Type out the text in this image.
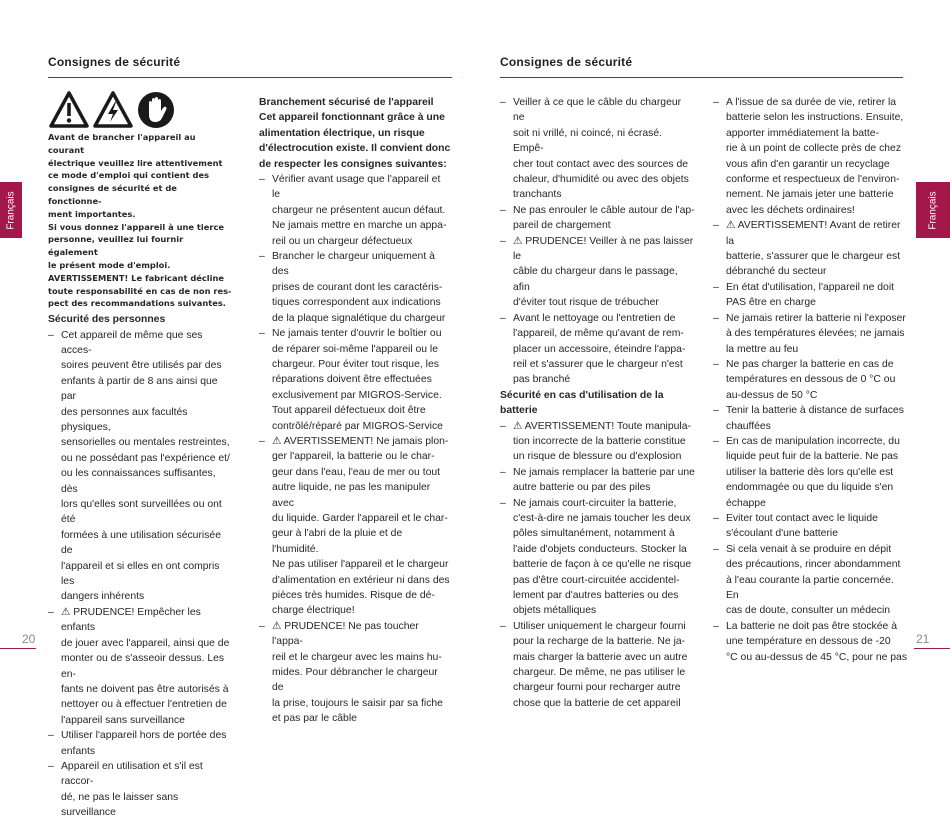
Consignes de sécurité
Français
Avant de brancher l'appareil au courant
électrique veuillez lire attentivement
ce mode d'emploi qui contient des
consignes de sécurité et de fonctionne-
ment importantes.
Si vous donnez l'appareil à une tierce
personne, veuillez lui fournir également
le présent mode d'emploi.
AVERTISSEMENT! Le fabricant décline
toute responsabilité en cas de non res-
pect des recommandations suivantes.

Sécurité des personnes

– Cet appareil de même que ses acces-
soires peuvent être utilisés par des
enfants à partir de 8 ans ainsi que par
des personnes aux facultés physiques,
sensorielles ou mentales restreintes,
ou ne possédant pas l'expérience et/
ou les connaissances suffisantes, dès
lors qu'elles sont surveillées ou ont été
formées à une utilisation sécurisée de
l'appareil et si elles en ont compris les
dangers inhérents
– ⚠ PRUDENCE! Empêcher les enfants
de jouer avec l'appareil, ainsi que de
monter ou de s'asseoir dessus. Les en-
fants ne doivent pas être autorisés à
nettoyer ou à effectuer l'entretien de
l'appareil sans surveillance
– Utiliser l'appareil hors de portée des
enfants
– Appareil en utilisation et s'il est raccor-
dé, ne pas le laisser sans surveillance
Branchement sécurisé de l'appareil
Cet appareil fonctionnant grâce à une
alimentation électrique, un risque
d'électrocution existe. Il convient donc
de respecter les consignes suivantes:
– Vérifier avant usage que l'appareil et le
chargeur ne présentent aucun défaut.
Ne jamais mettre en marche un appa-
reil ou un chargeur défectueux
– Brancher le chargeur uniquement à des
prises de courant dont les caractéris-
tiques correspondent aux indications
de la plaque signalétique du chargeur
– Ne jamais tenter d'ouvrir le boîtier ou
de réparer soi-même l'appareil ou le
chargeur. Pour éviter tout risque, les
réparations doivent être effectuées
exclusivement par MIGROS-Service.
Tout appareil défectueux doit être
contrôlé/réparé par MIGROS-Service
– ⚠ AVERTISSEMENT! Ne jamais plon-
ger l'appareil, la batterie ou le char-
geur dans l'eau, l'eau de mer ou tout
autre liquide, ne pas les manipuler avec
du liquide. Garder l'appareil et le char-
geur à l'abri de la pluie et de l'humidité.
Ne pas utiliser l'appareil et le chargeur
d'alimentation en extérieur ni dans des
pièces très humides. Risque de dé-
charge électrique!
– ⚠ PRUDENCE! Ne pas toucher l'appa-
reil et le chargeur avec les mains hu-
mides. Pour débrancher le chargeur de
la prise, toujours le saisir par sa fiche
et pas par le câble
20
Consignes de sécurité
Français
– Veiller à ce que le câble du chargeur ne
soit ni vrillé, ni coincé, ni écrasé. Empê-
cher tout contact avec des sources de
chaleur, d'humidité ou avec des objets
tranchants
– Ne pas enrouler le câble autour de l'ap-
pareil de chargement
– ⚠ PRUDENCE! Veiller à ne pas laisser le
câble du chargeur dans le passage, afin
d'éviter tout risque de trébucher
– Avant le nettoyage ou l'entretien de
l'appareil, de même qu'avant de rem-
placer un accessoire, éteindre l'appa-
reil et s'assurer que le chargeur n'est
pas branché

Sécurité en cas d'utilisation de la batterie

– ⚠ AVERTISSEMENT! Toute manipula-
tion incorrecte de la batterie constitue
un risque de blessure ou d'explosion
– Ne jamais remplacer la batterie par une
autre batterie ou par des piles
– Ne jamais court-circuiter la batterie,
c'est-à-dire ne jamais toucher les deux
pôles simultanément, notamment à
l'aide d'objets conducteurs. Stocker la
batterie de façon à ce qu'elle ne risque
pas d'être court-circuitée accidentel-
lement par d'autres batteries ou des
objets métalliques
– Utiliser uniquement le chargeur fourni
pour la recharge de la batterie. Ne ja-
mais charger la batterie avec un autre
chargeur. De même, ne pas utiliser le
chargeur fourni pour recharger autre
chose que la batterie de cet appareil
– A l'issue de sa durée de vie, retirer la
batterie selon les instructions. Ensuite,
apporter immédiatement la batte-
rie à un point de collecte près de chez
vous afin d'en garantir un recyclage
conforme et respectueux de l'environ-
nement. Ne jamais jeter une batterie
avec les déchets ordinaires!
– ⚠ AVERTISSEMENT! Avant de retirer la
batterie, s'assurer que le chargeur est
débranché du secteur
– En état d'utilisation, l'appareil ne doit
PAS être en charge
– Ne jamais retirer la batterie ni l'exposer
à des températures élevées; ne jamais
la mettre au feu
– Ne pas charger la batterie en cas de
températures en dessous de 0 °C ou
au-dessus de 50 °C
– Tenir la batterie à distance de surfaces
chauffées
– En cas de manipulation incorrecte, du
liquide peut fuir de la batterie. Ne pas
utiliser la batterie dès lors qu'elle est
endommagée ou que du liquide s'en
échappe
– Eviter tout contact avec le liquide
s'écoulant d'une batterie
– Si cela venait à se produire en dépit
des précautions, rincer abondamment
à l'eau courante la partie concernée. En
cas de doute, consulter un médecin
– La batterie ne doit pas être stockée à
une température en dessous de -20
°C ou au-dessus de 45 °C, pour ne pas
21
